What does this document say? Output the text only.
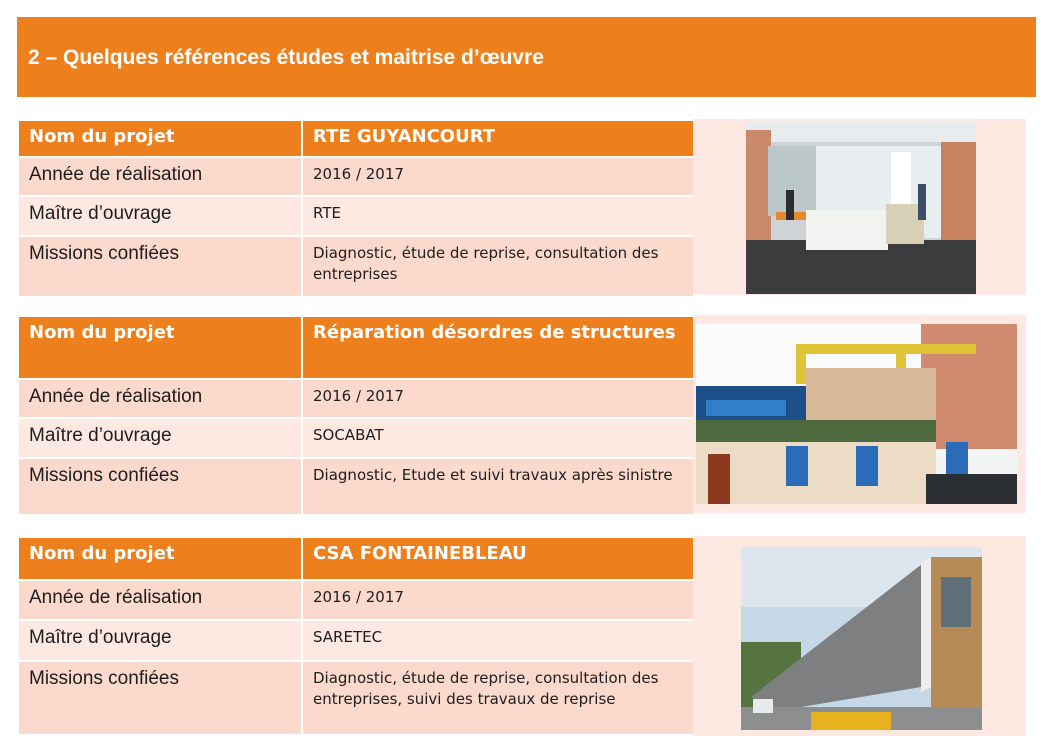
2 – Quelques références études et maitrise d’œuvre
Nom du projet	RTE GUYANCOURT
Année de réalisation	2016 / 2017
Maître d’ouvrage	RTE
Missions confiées	Diagnostic, étude de reprise, consultation des entreprises
Nom du projet	Réparation désordres de structures
Année de réalisation	2016 / 2017
Maître d’ouvrage	SOCABAT
Missions confiées	Diagnostic, Etude et suivi travaux après sinistre
Nom du projet	CSA FONTAINEBLEAU
Année de réalisation	2016 / 2017
Maître d’ouvrage	SARETEC
Missions confiées	Diagnostic, étude de reprise, consultation des entreprises, suivi des travaux de reprise
